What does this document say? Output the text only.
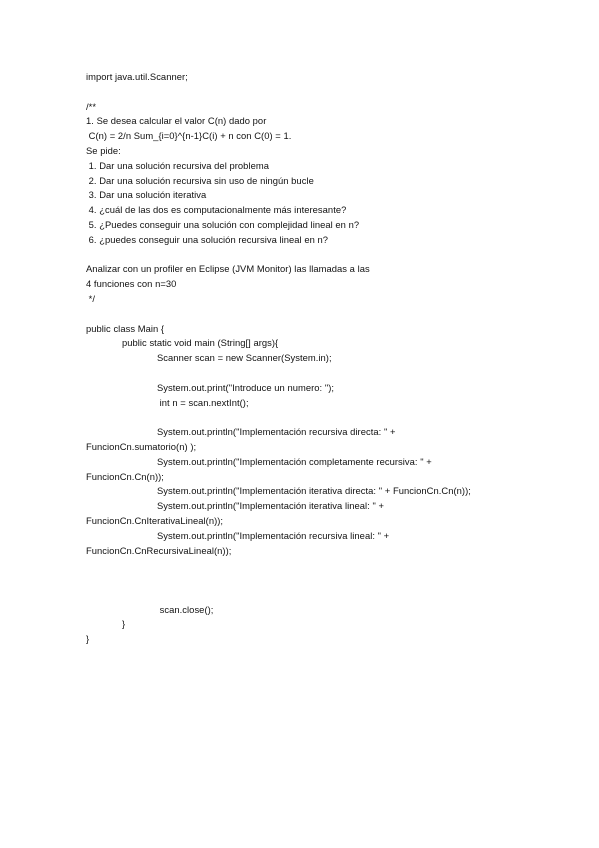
import java.util.Scanner;
/**
1. Se desea calcular el valor C(n) dado por
C(n) = 2/n Sum_{i=0}^{n-1}C(i) + n con C(0) = 1.
Se pide:
1. Dar una solución recursiva del problema
2. Dar una solución recursiva sin uso de ningún bucle
3. Dar una solución iterativa
4. ¿cuál de las dos es computacionalmente más interesante?
5. ¿Puedes conseguir una solución con complejidad lineal en n?
6. ¿puedes conseguir una solución recursiva lineal en n?
Analizar con un profiler en Eclipse (JVM Monitor) las llamadas a las
4 funciones con n=30
*/
public class Main {
public static void main (String[] args){
Scanner scan = new Scanner(System.in);
System.out.print("Introduce un numero: ");
int n = scan.nextInt();
System.out.println("Implementación recursiva directa: " +
FuncionCn.sumatorio(n) );
System.out.println("Implementación completamente recursiva: " +
FuncionCn.Cn(n));
System.out.println("Implementación iterativa directa: " + FuncionCn.Cn(n));
System.out.println("Implementación iterativa lineal: " +
FuncionCn.CnIterativaLineal(n));
System.out.println("Implementación recursiva lineal: " +
FuncionCn.CnRecursivaLineal(n));
scan.close();
}
}
